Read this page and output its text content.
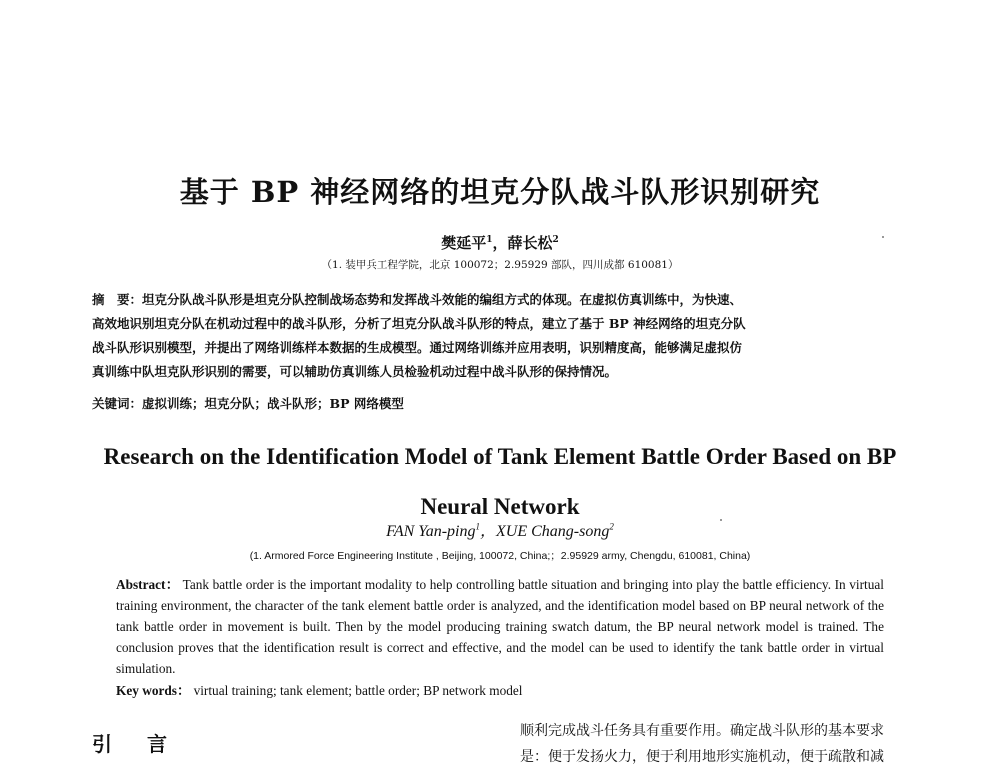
基于 BP 神经网络的坦克分队战斗队形识别研究
樊延平$^1$，薛长松$^2$
（1. 装甲兵工程学院，北京 100072；2.95929 部队，四川成都 610081）
摘　要：坦克分队战斗队形是坦克分队控制战场态势和发挥战斗效能的编组方式的体现。在虚拟仿真训练中，为快速、
高效地识别坦克分队在机动过程中的战斗队形，分析了坦克分队战斗队形的特点，建立了基于 BP 神经网络的坦克分队
战斗队形识别模型，并提出了网络训练样本数据的生成模型。通过网络训练并应用表明，识别精度高，能够满足虚拟仿
真训练中队坦克队形识别的需要，可以辅助仿真训练人员检验机动过程中战斗队形的保持情况。
关键词：虚拟训练；坦克分队；战斗队形；BP 网络模型
Research on the Identification Model of Tank Element Battle Order Based on BP Neural Network
FAN Yan-ping$^1$，XUE Chang-song$^2$
(1. Armored Force Engineering Institute , Beijing, 100072, China;；2.95929 army, Chengdu, 610081, China)
Abstract： Tank battle order is the important modality to help controlling battle situation and bringing into play the battle efficiency. In virtual training environment, the character of the tank element battle order is analyzed, and the identification model based on BP neural network of the tank battle order in movement is built. Then by the model producing training swatch datum, the BP neural network model is trained. The conclusion proves that the identification result is correct and effective, and the model can be used to identify the tank battle order in virtual simulation.
Key words： virtual training; tank element; battle order; BP network model
引 言
顺利完成战斗任务具有重要作用。确定战斗队形的基本要求
是：便于发扬火力，便于利用地形实施机动，便于疏散和减
